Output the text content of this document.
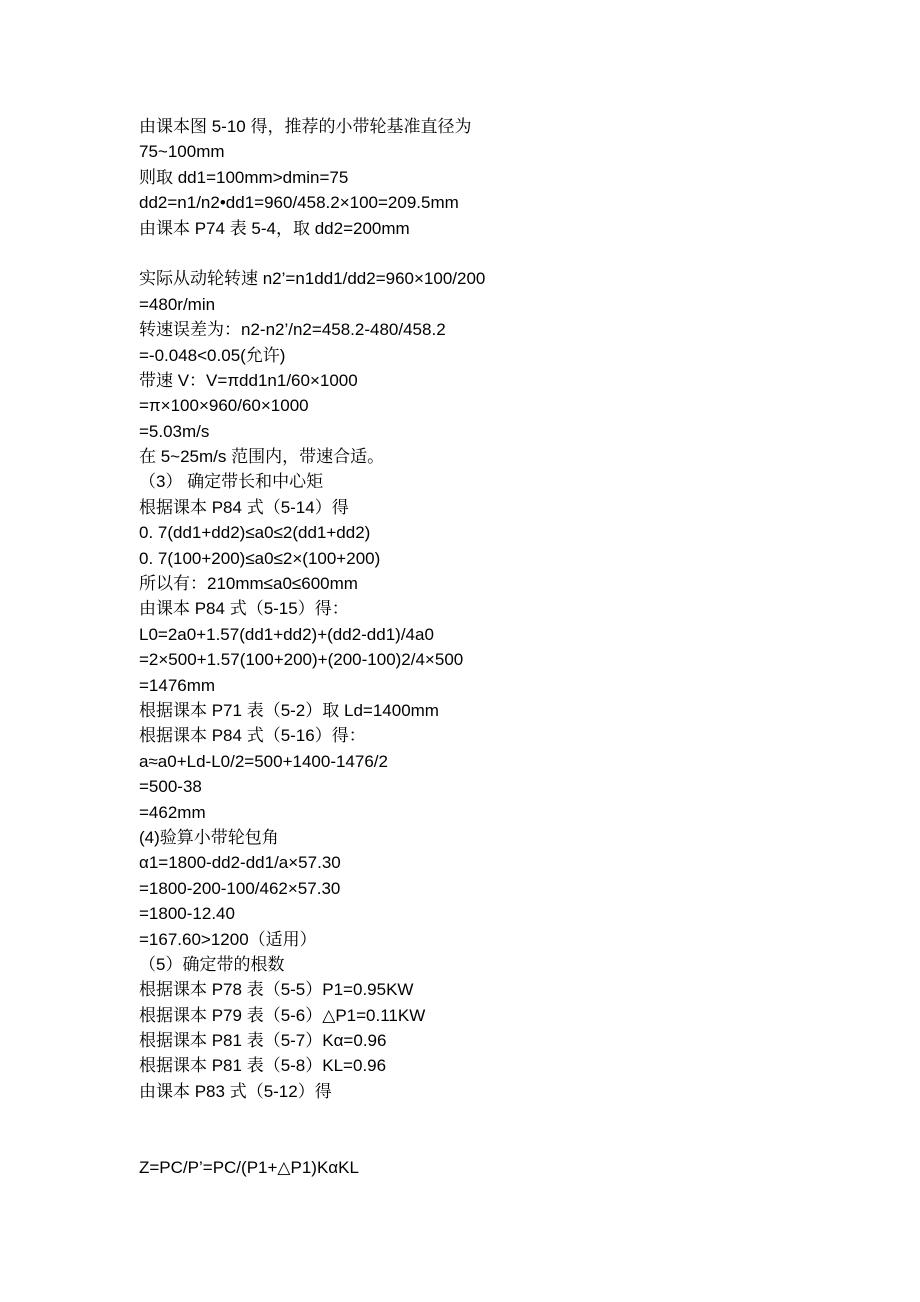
由课本图 5-10 得，推荐的小带轮基准直径为
75~100mm
则取 dd1=100mm>dmin=75
dd2=n1/n2•dd1=960/458.2×100=209.5mm
由课本 P74 表 5-4，取 dd2=200mm
实际从动轮转速 n2’=n1dd1/dd2=960×100/200
=480r/min
转速误差为：n2-n2’/n2=458.2-480/458.2
=-0.048<0.05(允许)
带速 V：V=πdd1n1/60×1000
=π×100×960/60×1000
=5.03m/s
在 5~25m/s 范围内，带速合适。
（3） 确定带长和中心矩
根据课本 P84 式（5-14）得
0. 7(dd1+dd2)≤a0≤2(dd1+dd2)
0. 7(100+200)≤a0≤2×(100+200)
所以有：210mm≤a0≤600mm
由课本 P84 式（5-15）得：
L0=2a0+1.57(dd1+dd2)+(dd2-dd1)/4a0
=2×500+1.57(100+200)+(200-100)2/4×500
=1476mm
根据课本 P71 表（5-2）取 Ld=1400mm
根据课本 P84 式（5-16）得：
a≈a0+Ld-L0/2=500+1400-1476/2
=500-38
=462mm
(4)验算小带轮包角
α1=1800-dd2-dd1/a×57.30
=1800-200-100/462×57.30
=1800-12.40
=167.60>1200（适用）
（5）确定带的根数
根据课本 P78 表（5-5）P1=0.95KW
根据课本 P79 表（5-6）△P1=0.11KW
根据课本 P81 表（5-7）Kα=0.96
根据课本 P81 表（5-8）KL=0.96
由课本 P83 式（5-12）得
Z=PC/P’=PC/(P1+△P1)KαKL
